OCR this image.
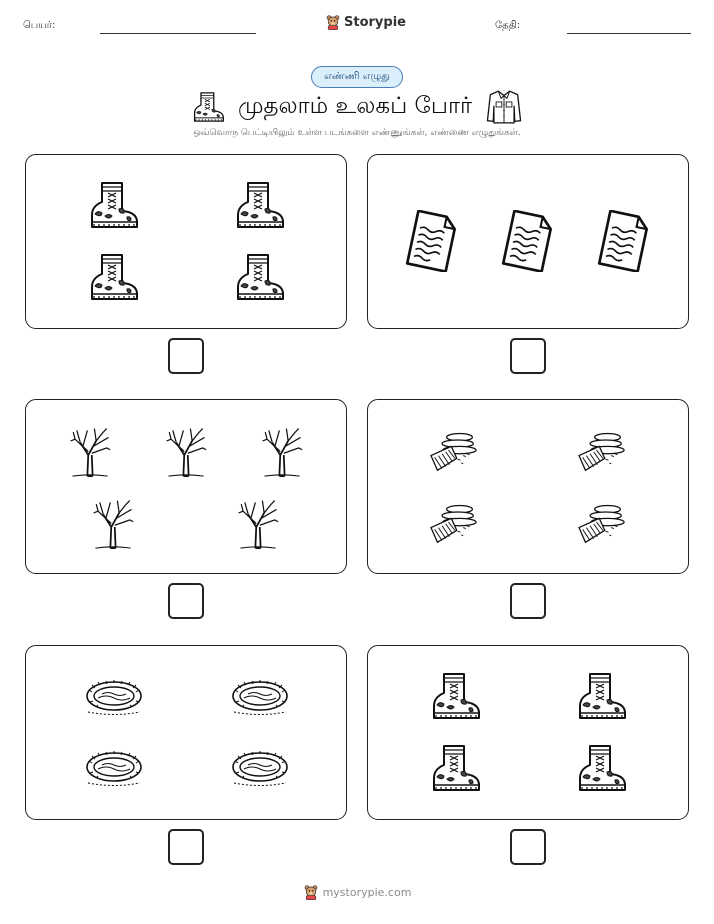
பெயர்:	Storypie	தேதி:
எண்ணி எழுது
முதலாம் உலகப் போர்
ஒவ்வொரு பெட்டியிலும் உள்ள படங்களை எண்ணுங்கள், எண்ணை எழுதுங்கள்.
mystorypie.com
